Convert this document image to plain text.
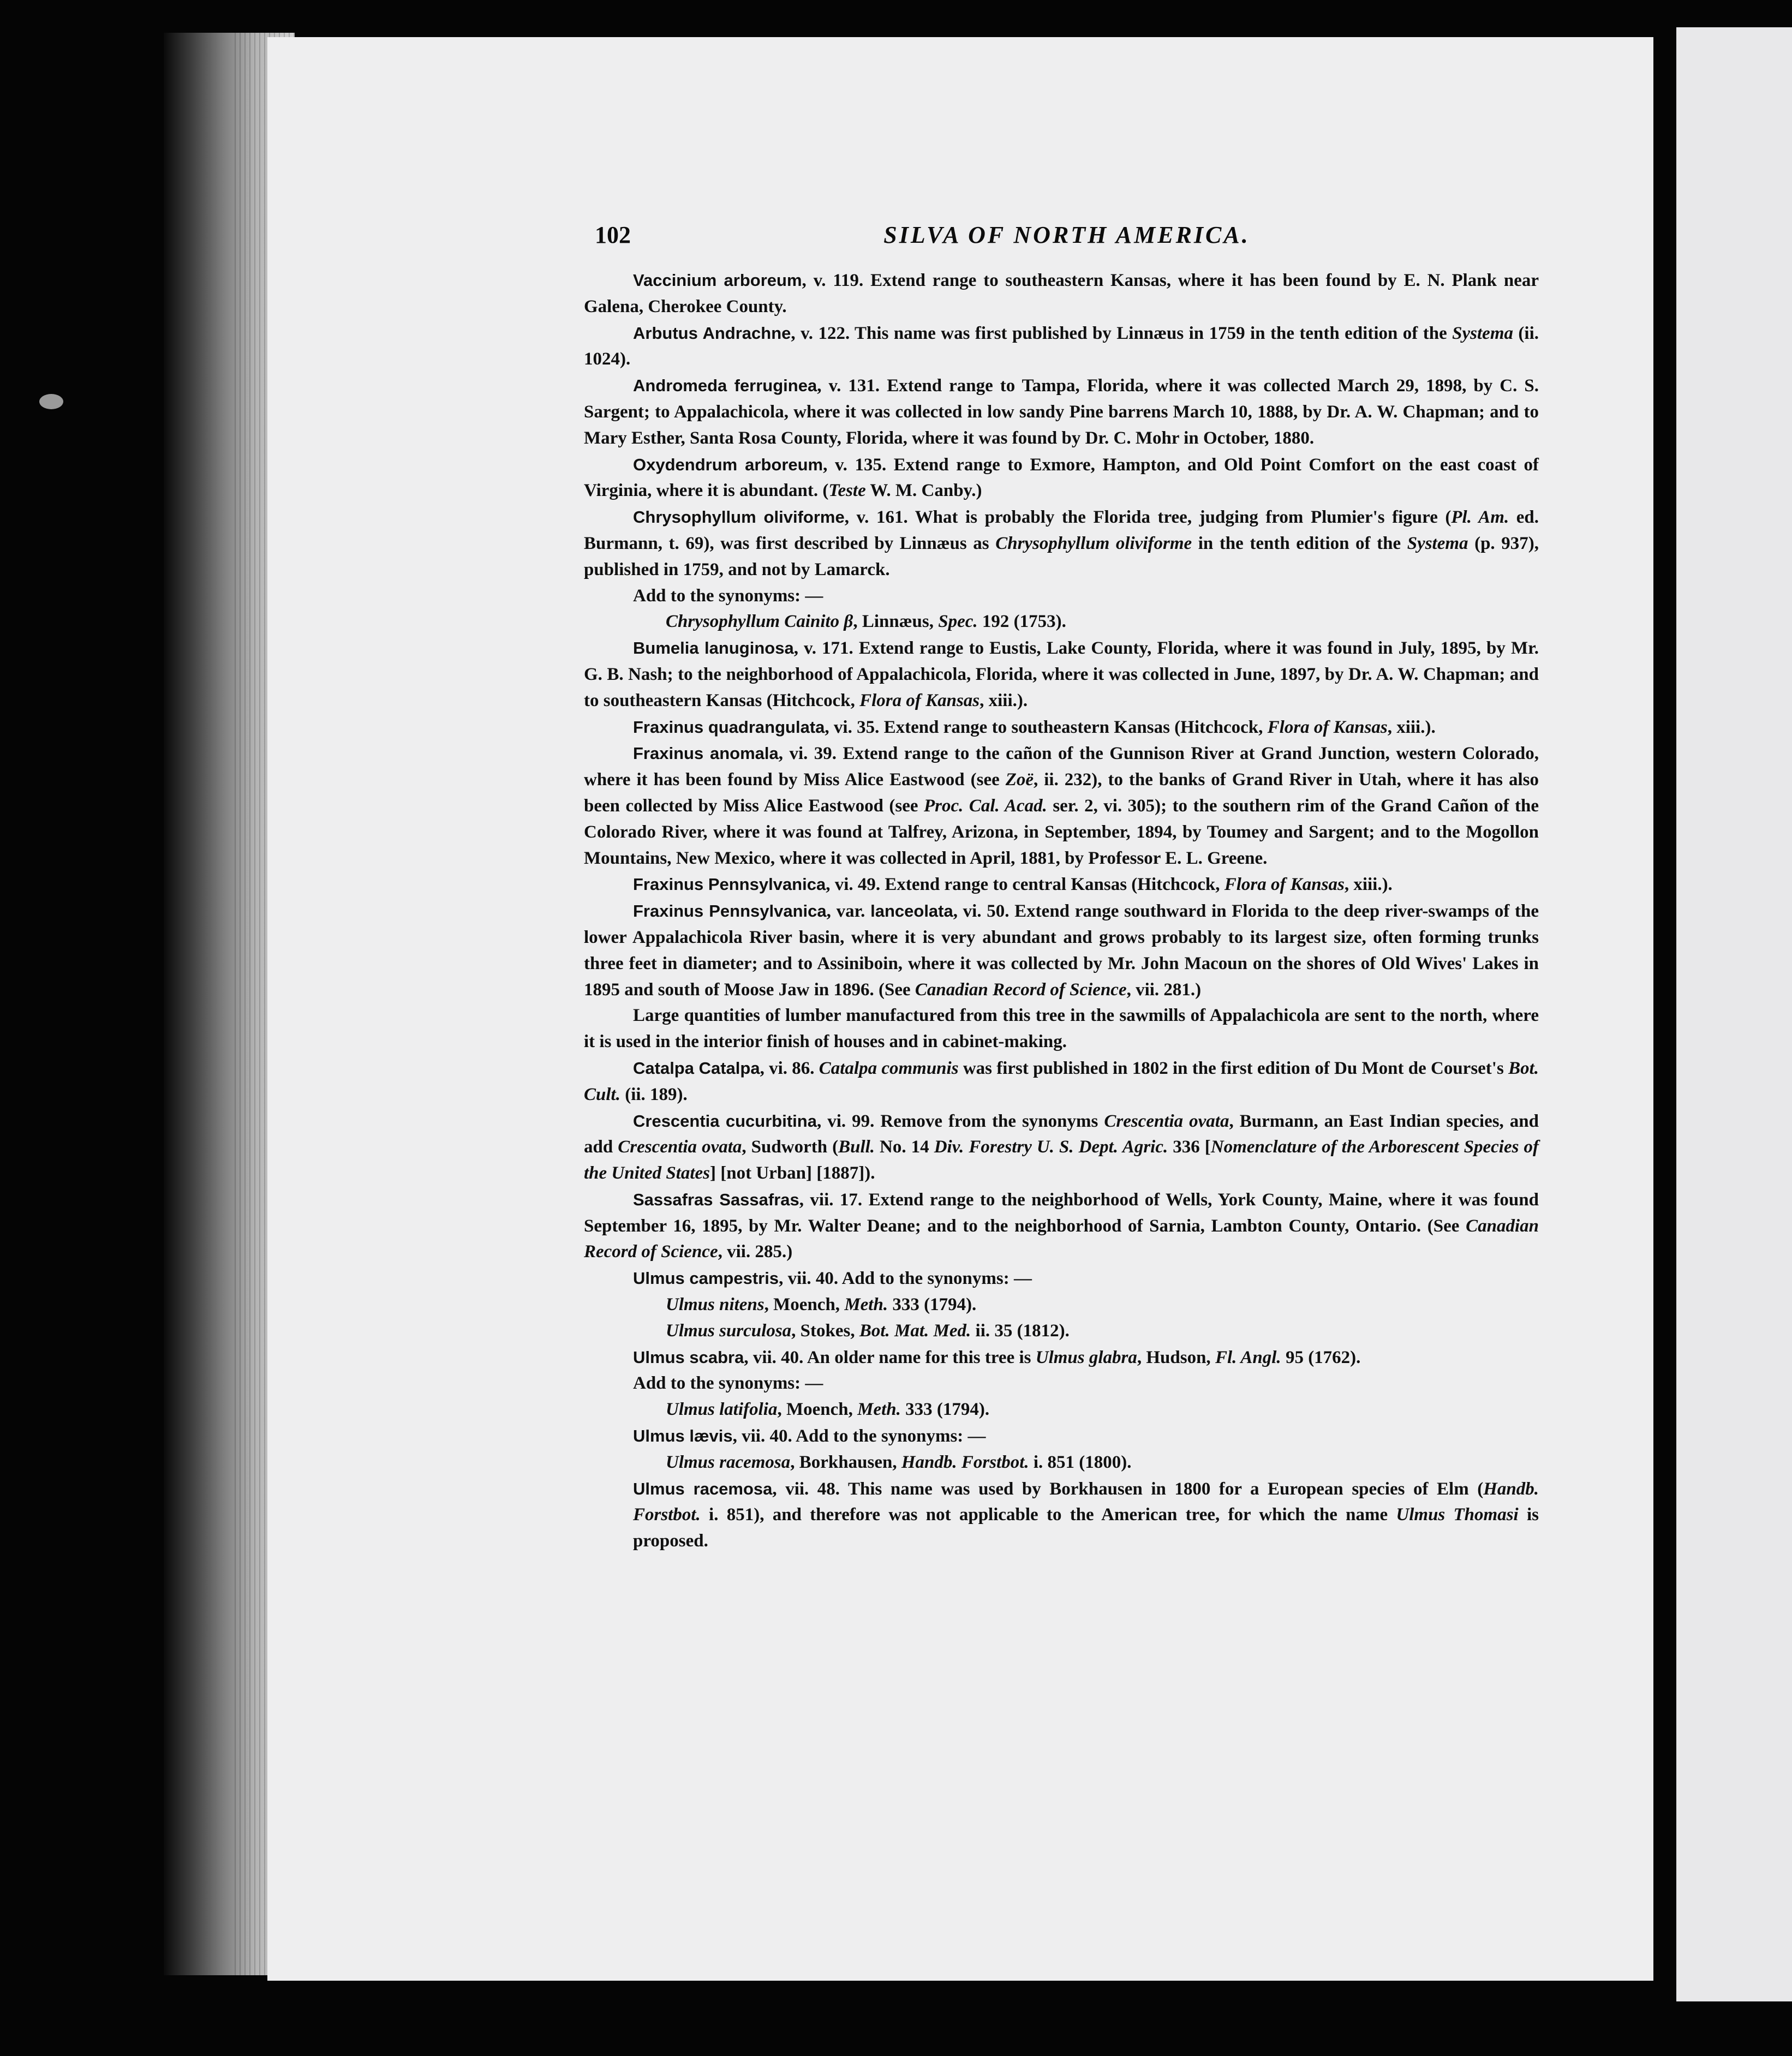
102	SILVA OF NORTH AMERICA.

Vaccinium arboreum, v. 119. Extend range to southeastern Kansas, where it has been found by E. N. Plank near Galena, Cherokee County.

Arbutus Andrachne, v. 122. This name was first published by Linnæus in 1759 in the tenth edition of the Systema (ii. 1024).

Andromeda ferruginea, v. 131. Extend range to Tampa, Florida, where it was collected March 29, 1898, by C. S. Sargent; to Appalachicola, where it was collected in low sandy Pine barrens March 10, 1888, by Dr. A. W. Chapman; and to Mary Esther, Santa Rosa County, Florida, where it was found by Dr. C. Mohr in October, 1880.

Oxydendrum arboreum, v. 135. Extend range to Exmore, Hampton, and Old Point Comfort on the east coast of Virginia, where it is abundant. (Teste W. M. Canby.)

Chrysophyllum oliviforme, v. 161. What is probably the Florida tree, judging from Plumier's figure (Pl. Am. ed. Burmann, t. 69), was first described by Linnæus as Chrysophyllum oliviforme in the tenth edition of the Systema (p. 937), published in 1759, and not by Lamarck.

Add to the synonyms: —

Chrysophyllum Cainito β, Linnæus, Spec. 192 (1753).

Bumelia lanuginosa, v. 171. Extend range to Eustis, Lake County, Florida, where it was found in July, 1895, by Mr. G. B. Nash; to the neighborhood of Appalachicola, Florida, where it was collected in June, 1897, by Dr. A. W. Chapman; and to southeastern Kansas (Hitchcock, Flora of Kansas, xiii.).

Fraxinus quadrangulata, vi. 35. Extend range to southeastern Kansas (Hitchcock, Flora of Kansas, xiii.).

Fraxinus anomala, vi. 39. Extend range to the cañon of the Gunnison River at Grand Junction, western Colorado, where it has been found by Miss Alice Eastwood (see Zoë, ii. 232), to the banks of Grand River in Utah, where it has also been collected by Miss Alice Eastwood (see Proc. Cal. Acad. ser. 2, vi. 305); to the southern rim of the Grand Cañon of the Colorado River, where it was found at Talfrey, Arizona, in September, 1894, by Toumey and Sargent; and to the Mogollon Mountains, New Mexico, where it was collected in April, 1881, by Professor E. L. Greene.

Fraxinus Pennsylvanica, vi. 49. Extend range to central Kansas (Hitchcock, Flora of Kansas, xiii.).

Fraxinus Pennsylvanica, var. lanceolata, vi. 50. Extend range southward in Florida to the deep river-swamps of the lower Appalachicola River basin, where it is very abundant and grows probably to its largest size, often forming trunks three feet in diameter; and to Assiniboin, where it was collected by Mr. John Macoun on the shores of Old Wives' Lakes in 1895 and south of Moose Jaw in 1896. (See Canadian Record of Science, vii. 281.)

Large quantities of lumber manufactured from this tree in the sawmills of Appalachicola are sent to the north, where it is used in the interior finish of houses and in cabinet-making.

Catalpa Catalpa, vi. 86. Catalpa communis was first published in 1802 in the first edition of Du Mont de Courset's Bot. Cult. (ii. 189).

Crescentia cucurbitina, vi. 99. Remove from the synonyms Crescentia ovata, Burmann, an East Indian species, and add Crescentia ovata, Sudworth (Bull. No. 14 Div. Forestry U. S. Dept. Agric. 336 [Nomenclature of the Arborescent Species of the United States] [not Urban] [1887]).

Sassafras Sassafras, vii. 17. Extend range to the neighborhood of Wells, York County, Maine, where it was found September 16, 1895, by Mr. Walter Deane; and to the neighborhood of Sarnia, Lambton County, Ontario. (See Canadian Record of Science, vii. 285.)

Ulmus campestris, vii. 40. Add to the synonyms: —

Ulmus nitens, Moench, Meth. 333 (1794).

Ulmus surculosa, Stokes, Bot. Mat. Med. ii. 35 (1812).

Ulmus scabra, vii. 40. An older name for this tree is Ulmus glabra, Hudson, Fl. Angl. 95 (1762).

Add to the synonyms: —

Ulmus latifolia, Moench, Meth. 333 (1794).

Ulmus lævis, vii. 40. Add to the synonyms: —

Ulmus racemosa, Borkhausen, Handb. Forstbot. i. 851 (1800).

Ulmus racemosa, vii. 48. This name was used by Borkhausen in 1800 for a European species of Elm (Handb. Forstbot. i. 851), and therefore was not applicable to the American tree, for which the name Ulmus Thomasi is proposed.
